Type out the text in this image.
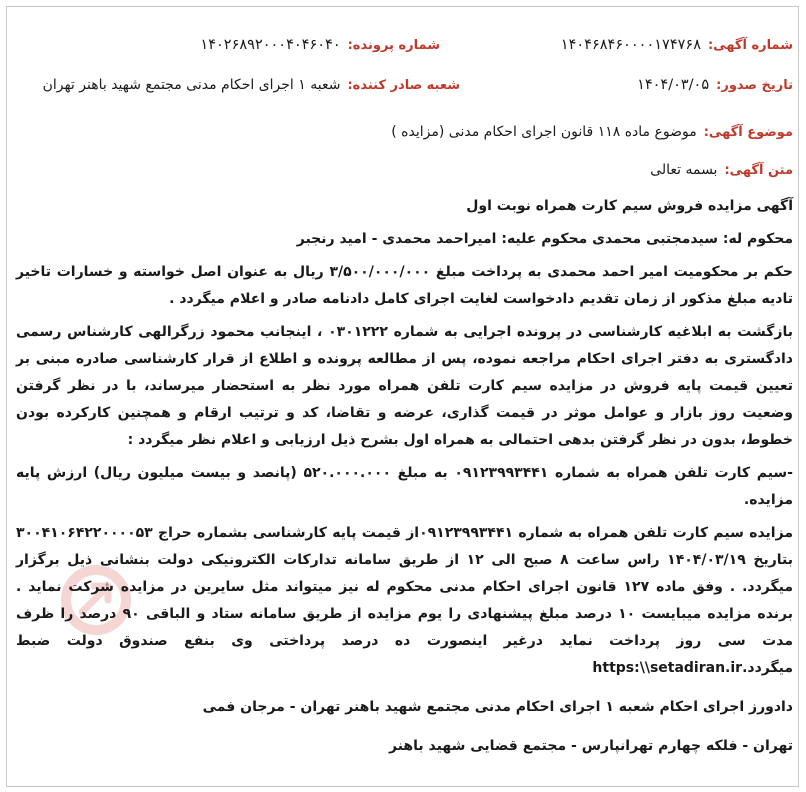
شماره آگهی:
۱۴۰۴۶۸۴۶۰۰۰۰۱۷۴۷۶۸
شماره پرونده:
۱۴۰۲۶۸۹۲۰۰۰۴۰۴۶۰۴۰
تاریخ صدور:
۱۴۰۴/۰۳/۰۵
شعبه صادر کننده:
شعبه ۱ اجرای احکام مدنی مجتمع شهید باهنر تهران
موضوع آگهی:
موضوع ماده ۱۱۸ قانون اجرای احکام مدنی (مزایده )
متن آگهی:
بسمه تعالی

آگهی مزایده فروش سیم کارت همراه نوبت اول

محکوم له: سیدمجتبی محمدی محکوم علیه: امیراحمد محمدی - امید رنجبر

حکم بر محکومیت امیر احمد محمدی به پرداخت مبلغ ۳/۵۰۰/۰۰۰/۰۰۰ ریال به عنوان اصل خواسته و خسارات تاخیر تادیه مبلغ مذکور از زمان تقدیم دادخواست لغایت اجرای کامل دادنامه صادر و اعلام میگردد .

بازگشت به ابلاغیه کارشناسی در پرونده اجرایی به شماره ۰۳۰۱۲۲۲ ، اینجانب محمود زرگرالهی کارشناس رسمی دادگستری به دفتر اجرای احکام مراجعه نموده، پس از مطالعه پرونده و اطلاع از قرار کارشناسی صادره مبنی بر تعیین قیمت پایه فروش در مزایده سیم کارت تلفن همراه مورد نظر به استحضار میرساند، با در نظر گرفتن وضعیت روز بازار و عوامل موثر در قیمت گذاری، عرضه و تقاضا، کد و ترتیب ارقام و همچنین کارکرده بودن خطوط، بدون در نظر گرفتن بدهی احتمالی به همراه اول بشرح ذیل ارزیابی و اعلام نظر میگردد :

-سیم کارت تلفن همراه به شماره ۰۹۱۲۳۹۹۳۴۴۱ به مبلغ ۵۲۰.۰۰۰.۰۰۰ (پانصد و بیست میلیون ریال) ارزش پایه مزایده.

مزایده سیم کارت تلفن همراه به شماره ۰۹۱۲۳۹۹۳۴۴۱از قیمت پایه کارشناسی بشماره حراج ۳۰۰۴۱۰۶۴۲۲۰۰۰۰۵۳ بتاریخ ۱۴۰۴/۰۳/۱۹ راس ساعت ۸ صبح الی ۱۲ از طریق سامانه تدارکات الکترونیکی دولت بنشانی ذیل برگزار میگردد. . وفق ماده ۱۲۷ قانون اجرای احکام مدنی محکوم له نیز میتواند مثل سایرین در مزایده شرکت نماید . برنده مزایده میبایست ۱۰ درصد مبلغ پیشنهادی را یوم مزایده از طریق سامانه ستاد و الباقی ۹۰ درصد را ظرف مدت سی روز پرداخت نماید درغیر اینصورت ده درصد پرداختی وی بنفع صندوق دولت ضبط میگردد.https:\\setadiran.ir

دادورز اجرای احکام شعبه ۱ اجرای احکام مدنی مجتمع شهید باهنر تهران - مرجان فمی

تهران - فلکه چهارم تهرانپارس - مجتمع قضایی شهید باهنر
